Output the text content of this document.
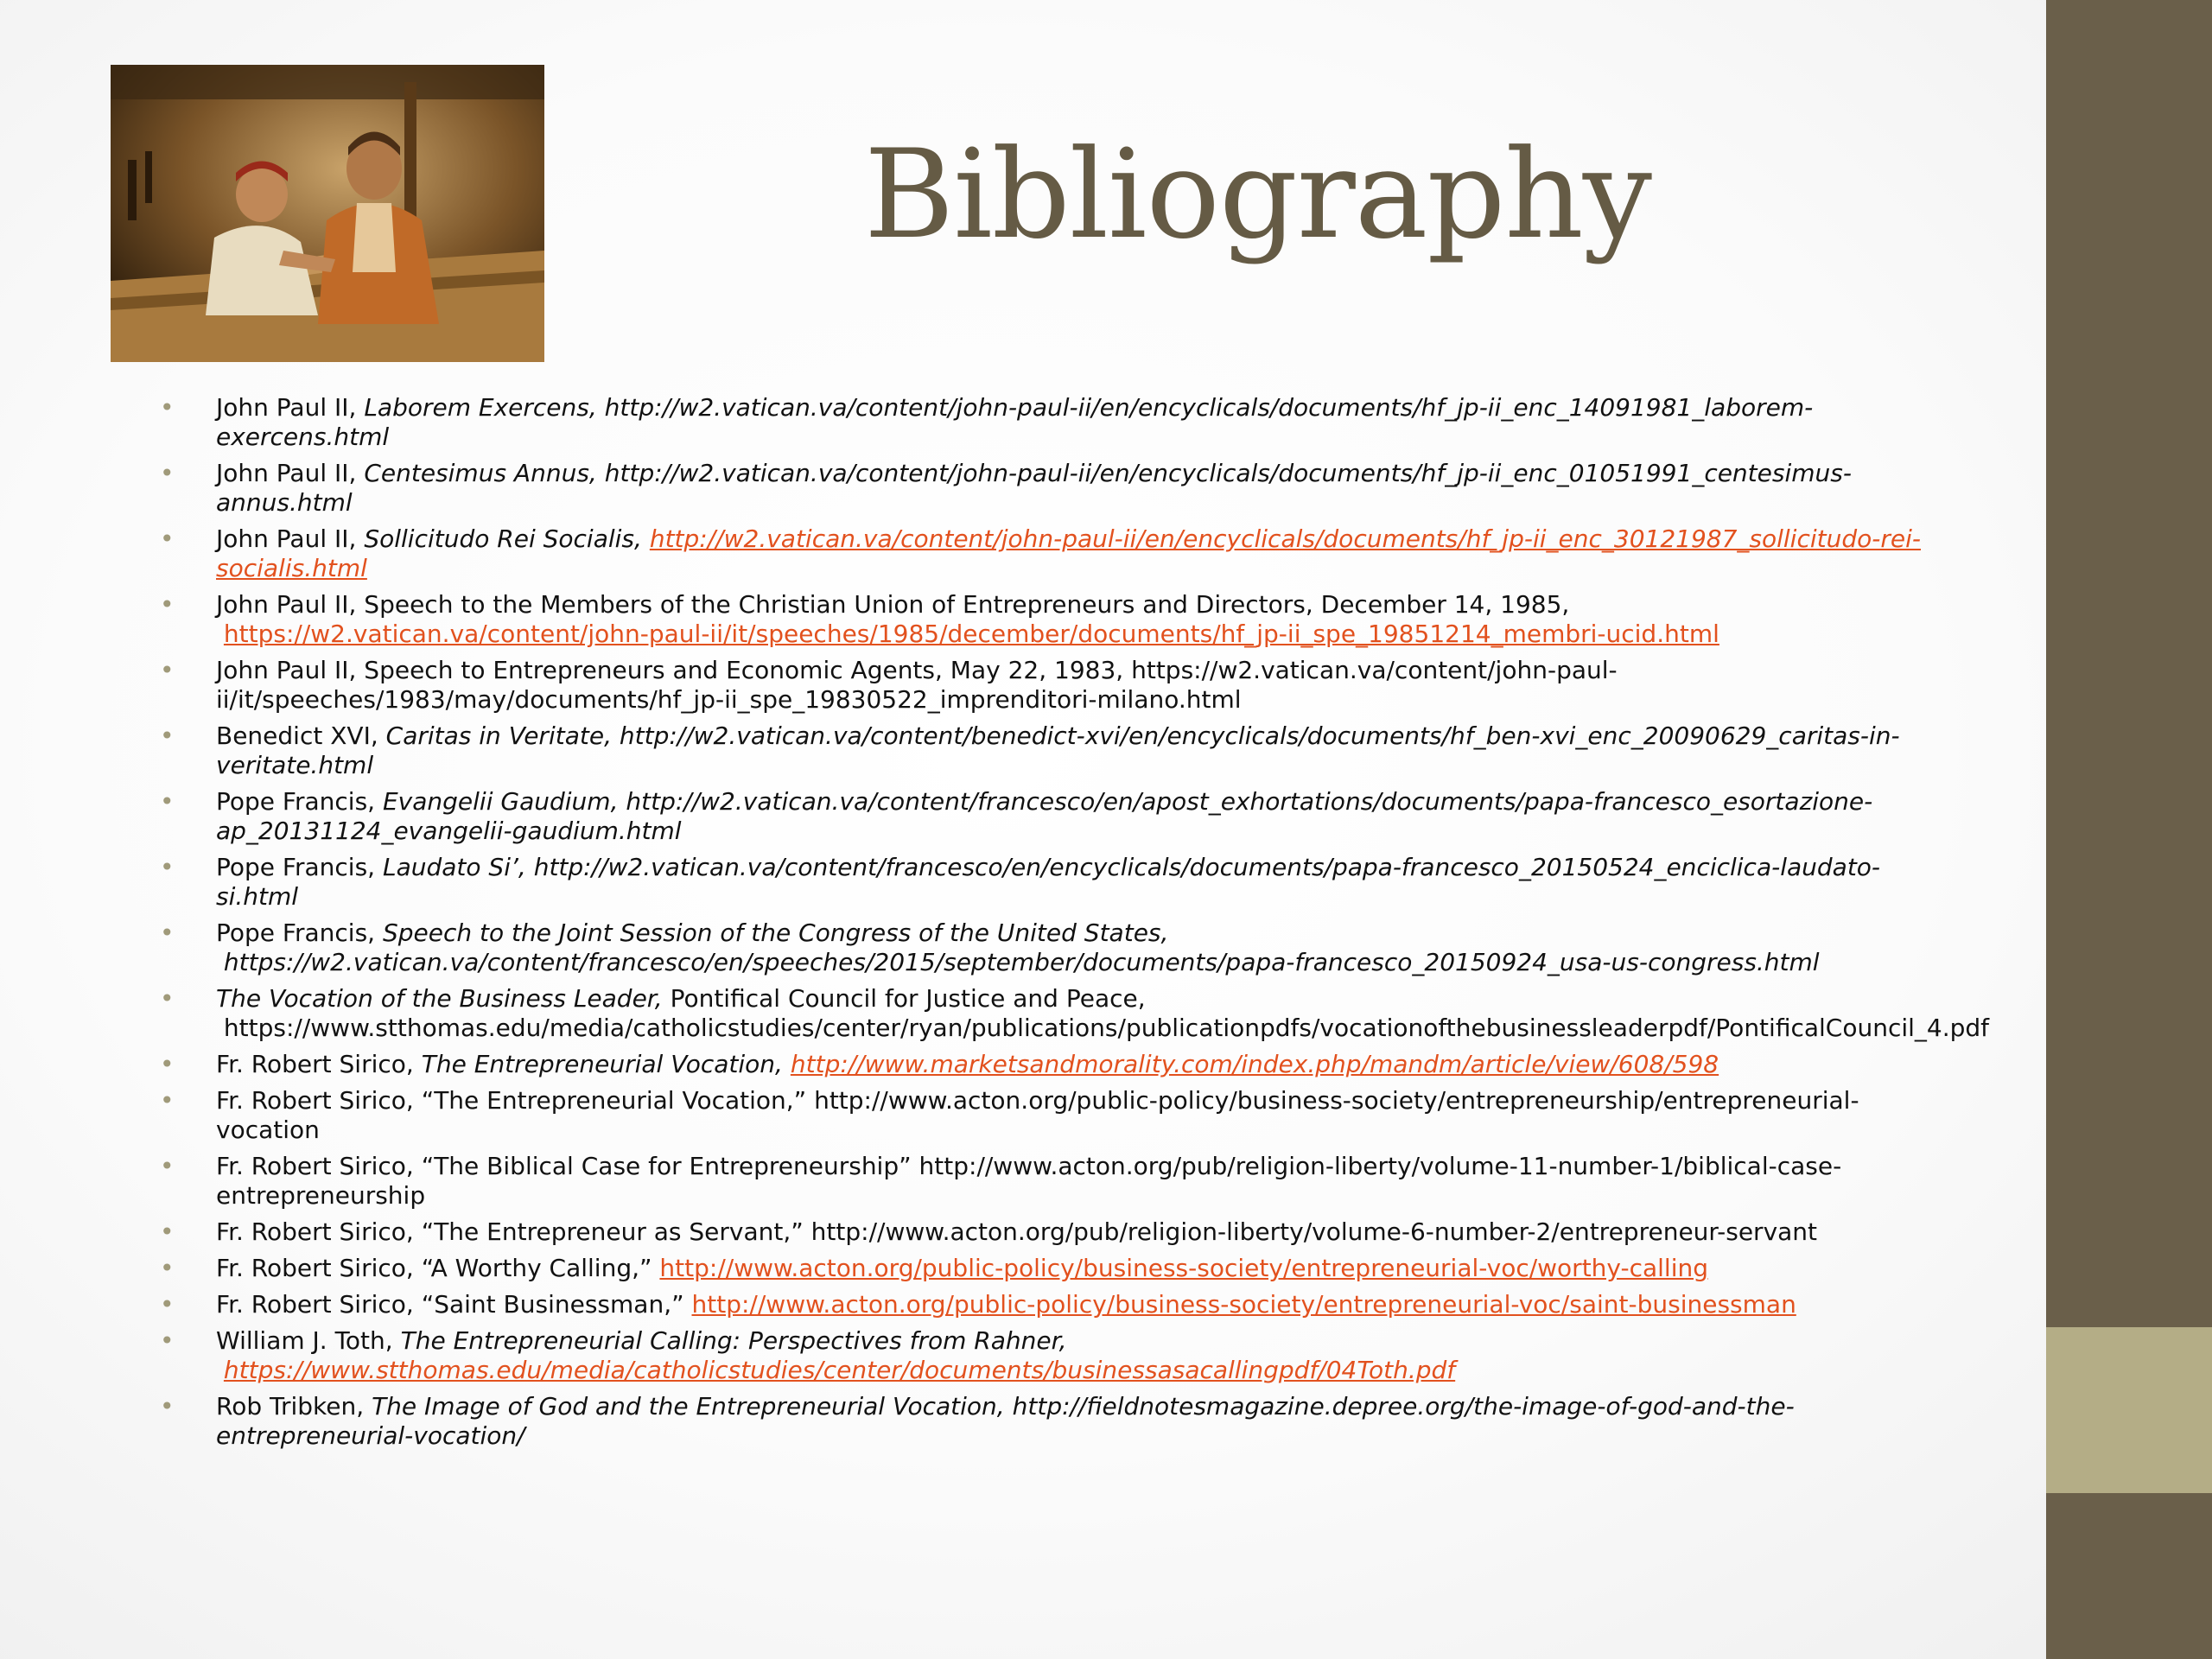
Bibliography
• John Paul II, Laborem Exercens, http://w2.vatican.va/content/john-paul-ii/en/encyclicals/documents/hf_jp-ii_enc_14091981_laborem-exercens.html
• John Paul II, Centesimus Annus, http://w2.vatican.va/content/john-paul-ii/en/encyclicals/documents/hf_jp-ii_enc_01051991_centesimus-annus.html
• John Paul II, Sollicitudo Rei Socialis, http://w2.vatican.va/content/john-paul-ii/en/encyclicals/documents/hf_jp-ii_enc_30121987_sollicitudo-rei-socialis.html
• John Paul II, Speech to the Members of the Christian Union of Entrepreneurs and Directors, December 14, 1985, https://w2.vatican.va/content/john-paul-ii/it/speeches/1985/december/documents/hf_jp-ii_spe_19851214_membri-ucid.html
• John Paul II, Speech to Entrepreneurs and Economic Agents, May 22, 1983, https://w2.vatican.va/content/john-paul-ii/it/speeches/1983/may/documents/hf_jp-ii_spe_19830522_imprenditori-milano.html
• Benedict XVI, Caritas in Veritate, http://w2.vatican.va/content/benedict-xvi/en/encyclicals/documents/hf_ben-xvi_enc_20090629_caritas-in-veritate.html
• Pope Francis, Evangelii Gaudium, http://w2.vatican.va/content/francesco/en/apost_exhortations/documents/papa-francesco_esortazione-ap_20131124_evangelii-gaudium.html
• Pope Francis, Laudato Si’, http://w2.vatican.va/content/francesco/en/encyclicals/documents/papa-francesco_20150524_enciclica-laudato-si.html
• Pope Francis, Speech to the Joint Session of the Congress of the United States, https://w2.vatican.va/content/francesco/en/speeches/2015/september/documents/papa-francesco_20150924_usa-us-congress.html
• The Vocation of the Business Leader, Pontifical Council for Justice and Peace, https://www.stthomas.edu/media/catholicstudies/center/ryan/publications/publicationpdfs/vocationofthebusinessleaderpdf/PontificalCouncil_4.pdf
• Fr. Robert Sirico, The Entrepreneurial Vocation, http://www.marketsandmorality.com/index.php/mandm/article/view/608/598
• Fr. Robert Sirico, “The Entrepreneurial Vocation,” http://www.acton.org/public-policy/business-society/entrepreneurship/entrepreneurial-vocation
• Fr. Robert Sirico, “The Biblical Case for Entrepreneurship” http://www.acton.org/pub/religion-liberty/volume-11-number-1/biblical-case-entrepreneurship
• Fr. Robert Sirico, “The Entrepreneur as Servant,” http://www.acton.org/pub/religion-liberty/volume-6-number-2/entrepreneur-servant
• Fr. Robert Sirico, “A Worthy Calling,” http://www.acton.org/public-policy/business-society/entrepreneurial-voc/worthy-calling
• Fr. Robert Sirico, “Saint Businessman,” http://www.acton.org/public-policy/business-society/entrepreneurial-voc/saint-businessman
• William J. Toth, The Entrepreneurial Calling: Perspectives from Rahner, https://www.stthomas.edu/media/catholicstudies/center/documents/businessasacallingpdf/04Toth.pdf
• Rob Tribken, The Image of God and the Entrepreneurial Vocation, http://fieldnotesmagazine.depree.org/the-image-of-god-and-the-entrepreneurial-vocation/
